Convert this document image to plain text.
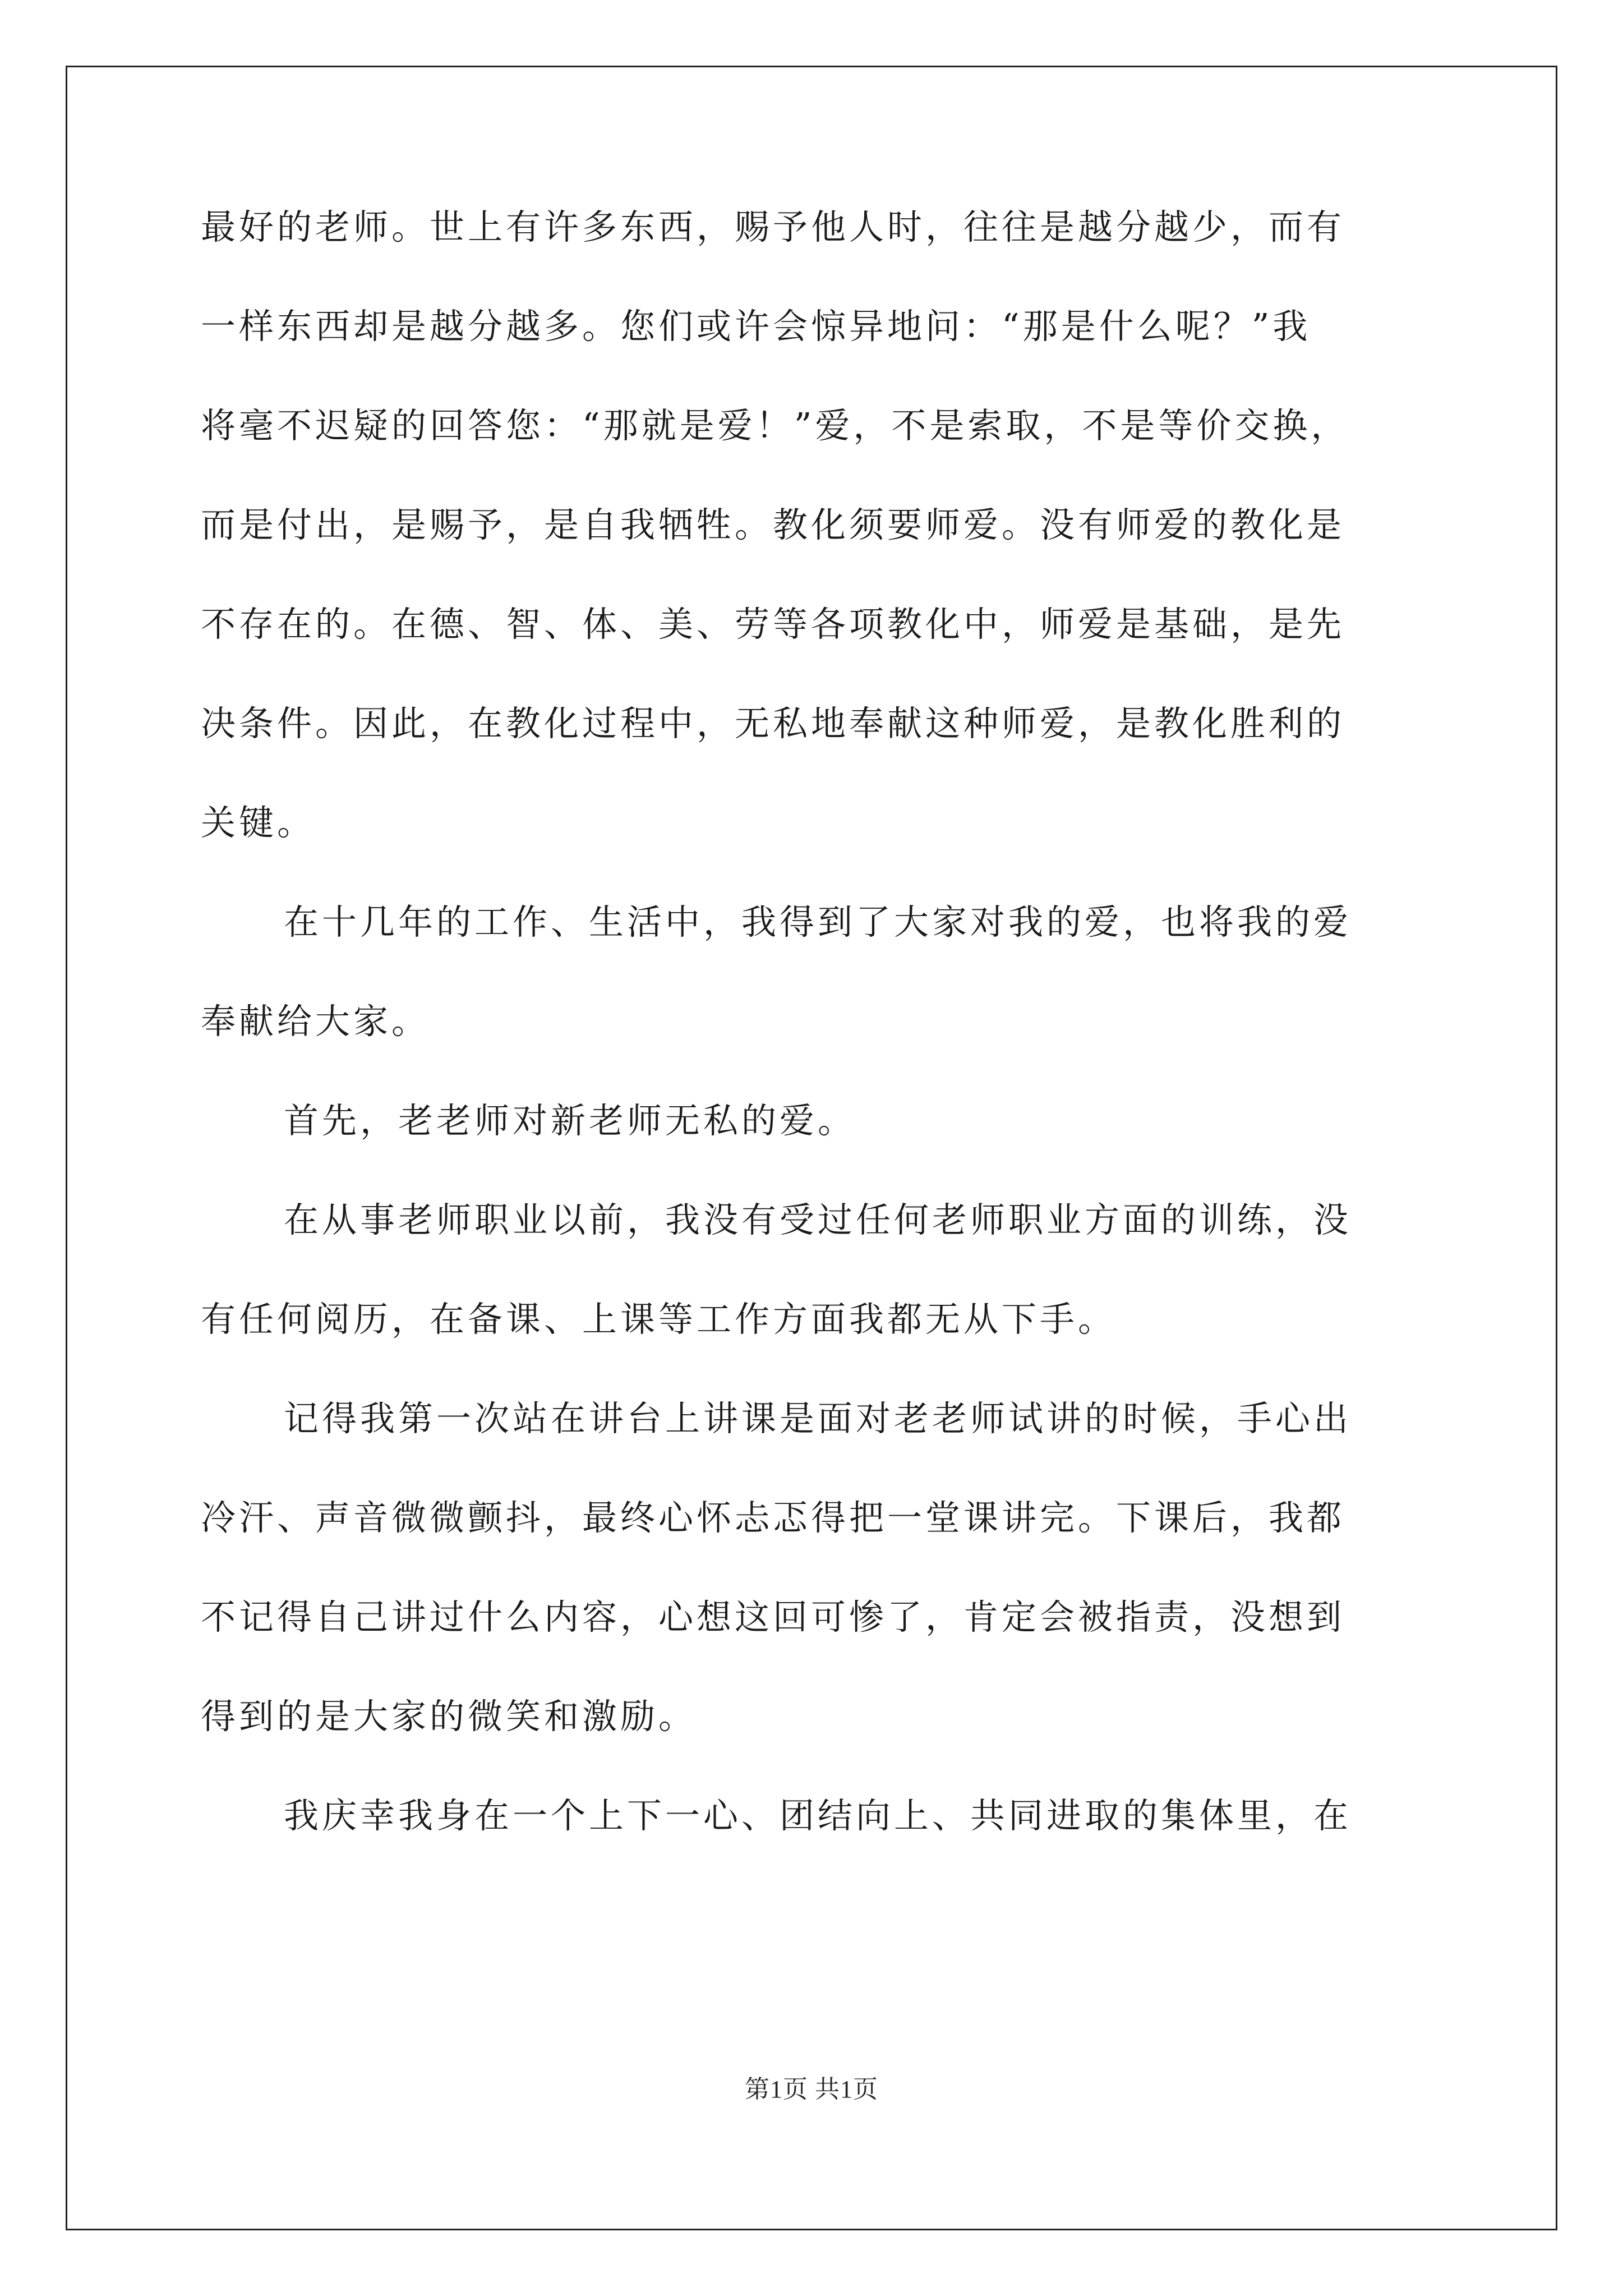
最好的老师。世上有许多东西，赐予他人时，往往是越分越少，而有
一样东西却是越分越多。您们或许会惊异地问：“那是什么呢？”我
将毫不迟疑的回答您：“那就是爱！”爱，不是索取，不是等价交换，
而是付出，是赐予，是自我牺牲。教化须要师爱。没有师爱的教化是
不存在的。在德、智、体、美、劳等各项教化中，师爱是基础，是先
决条件。因此，在教化过程中，无私地奉献这种师爱，是教化胜利的
关键。
在十几年的工作、生活中，我得到了大家对我的爱，也将我的爱
奉献给大家。
首先，老老师对新老师无私的爱。
在从事老师职业以前，我没有受过任何老师职业方面的训练，没
有任何阅历，在备课、上课等工作方面我都无从下手。
记得我第一次站在讲台上讲课是面对老老师试讲的时候，手心出
冷汗、声音微微颤抖，最终心怀忐忑得把一堂课讲完。下课后，我都
不记得自己讲过什么内容，心想这回可惨了，肯定会被指责，没想到
得到的是大家的微笑和激励。
我庆幸我身在一个上下一心、团结向上、共同进取的集体里，在
第1页 共1页
